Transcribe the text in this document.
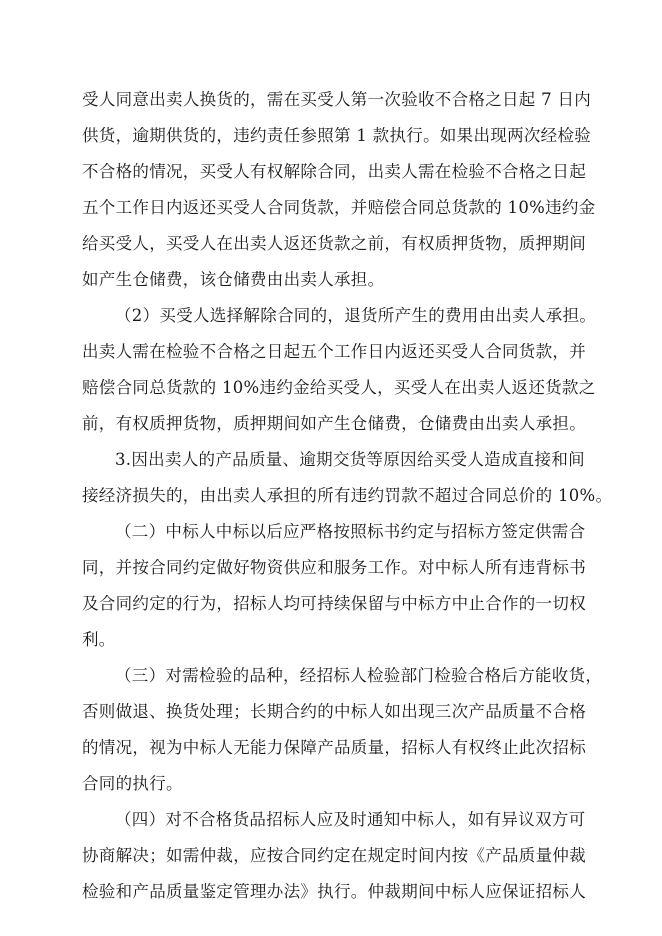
受人同意出卖人换货的，需在买受人第一次验收不合格之日起 7 日内
供货，逾期供货的，违约责任参照第 1 款执行。如果出现两次经检验
不合格的情况，买受人有权解除合同，出卖人需在检验不合格之日起
五个工作日内返还买受人合同货款，并赔偿合同总货款的 10%违约金
给买受人，买受人在出卖人返还货款之前，有权质押货物，质押期间
如产生仓储费，该仓储费由出卖人承担。
（2）买受人选择解除合同的，退货所产生的费用由出卖人承担。
出卖人需在检验不合格之日起五个工作日内返还买受人合同货款，并
赔偿合同总货款的 10%违约金给买受人，买受人在出卖人返还货款之
前，有权质押货物，质押期间如产生仓储费，仓储费由出卖人承担。
3.因出卖人的产品质量、逾期交货等原因给买受人造成直接和间
接经济损失的，由出卖人承担的所有违约罚款不超过合同总价的 10%。
（二）中标人中标以后应严格按照标书约定与招标方签定供需合
同，并按合同约定做好物资供应和服务工作。对中标人所有违背标书
及合同约定的行为，招标人均可持续保留与中标方中止合作的一切权
利。
（三）对需检验的品种，经招标人检验部门检验合格后方能收货，
否则做退、换货处理；长期合约的中标人如出现三次产品质量不合格
的情况，视为中标人无能力保障产品质量，招标人有权终止此次招标
合同的执行。
（四）对不合格货品招标人应及时通知中标人，如有异议双方可
协商解决；如需仲裁，应按合同约定在规定时间内按《产品质量仲裁
检验和产品质量鉴定管理办法》执行。仲裁期间中标人应保证招标人
